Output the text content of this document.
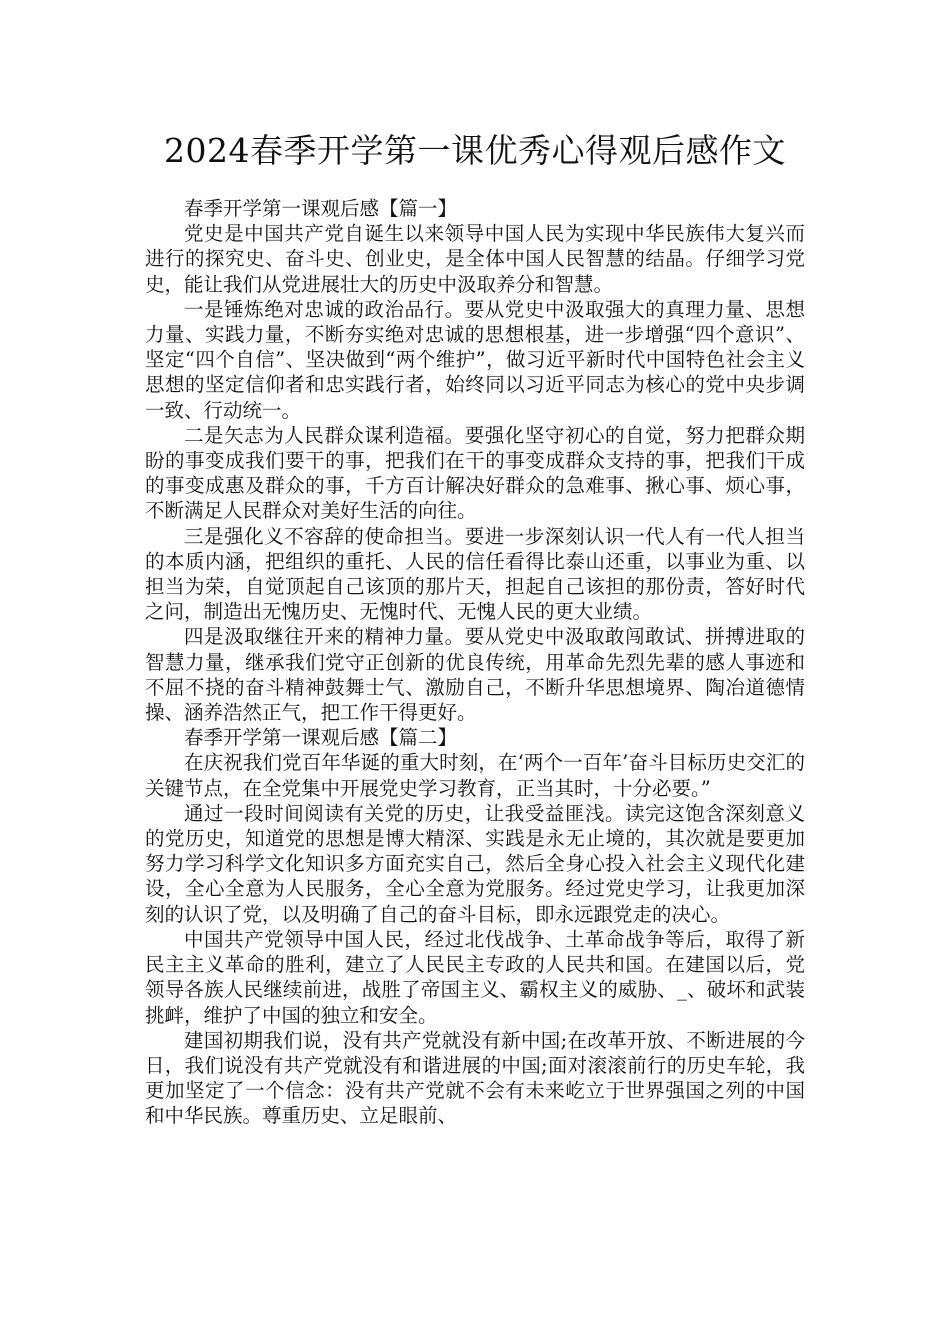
2024春季开学第一课优秀心得观后感作文

春季开学第一课观后感【篇一】

党史是中国共产党自诞生以来领导中国人民为实现中华民族伟大复兴而进行的探究史、奋斗史、创业史，是全体中国人民智慧的结晶。仔细学习党史，能让我们从党进展壮大的历史中汲取养分和智慧。

一是锤炼绝对忠诚的政治品行。要从党史中汲取强大的真理力量、思想力量、实践力量，不断夯实绝对忠诚的思想根基，进一步增强“四个意识”、坚定“四个自信”、坚决做到“两个维护”，做习近平新时代中国特色社会主义思想的坚定信仰者和忠实践行者，始终同以习近平同志为核心的党中央步调一致、行动统一。

二是矢志为人民群众谋利造福。要强化坚守初心的自觉，努力把群众期盼的事变成我们要干的事，把我们在干的事变成群众支持的事，把我们干成的事变成惠及群众的事，千方百计解决好群众的急难事、揪心事、烦心事，不断满足人民群众对美好生活的向往。

三是强化义不容辞的使命担当。要进一步深刻认识一代人有一代人担当的本质内涵，把组织的重托、人民的信任看得比泰山还重，以事业为重、以担当为荣，自觉顶起自己该顶的那片天，担起自己该担的那份责，答好时代之问，制造出无愧历史、无愧时代、无愧人民的更大业绩。

四是汲取继往开来的精神力量。要从党史中汲取敢闯敢试、拼搏进取的智慧力量，继承我们党守正创新的优良传统，用革命先烈先辈的感人事迹和不屈不挠的奋斗精神鼓舞士气、激励自己，不断升华思想境界、陶冶道德情操、涵养浩然正气，把工作干得更好。

春季开学第一课观后感【篇二】

在庆祝我们党百年华诞的重大时刻，在‘两个一百年’奋斗目标历史交汇的关键节点，在全党集中开展党史学习教育，正当其时，十分必要。”

通过一段时间阅读有关党的历史，让我受益匪浅。读完这饱含深刻意义的党历史，知道党的思想是博大精深、实践是永无止境的，其次就是要更加努力学习科学文化知识多方面充实自己，然后全身心投入社会主义现代化建设，全心全意为人民服务，全心全意为党服务。经过党史学习，让我更加深刻的认识了党，以及明确了自己的奋斗目标，即永远跟党走的决心。

中国共产党领导中国人民，经过北伐战争、土革命战争等后，取得了新民主主义革命的胜利，建立了人民民主专政的人民共和国。在建国以后，党领导各族人民继续前进，战胜了帝国主义、霸权主义的威胁、_、破坏和武装挑衅，维护了中国的独立和安全。

建国初期我们说，没有共产党就没有新中国;在改革开放、不断进展的今日，我们说没有共产党就没有和谐进展的中国;面对滚滚前行的历史车轮，我更加坚定了一个信念：没有共产党就不会有未来屹立于世界强国之列的中国和中华民族。尊重历史、立足眼前、
